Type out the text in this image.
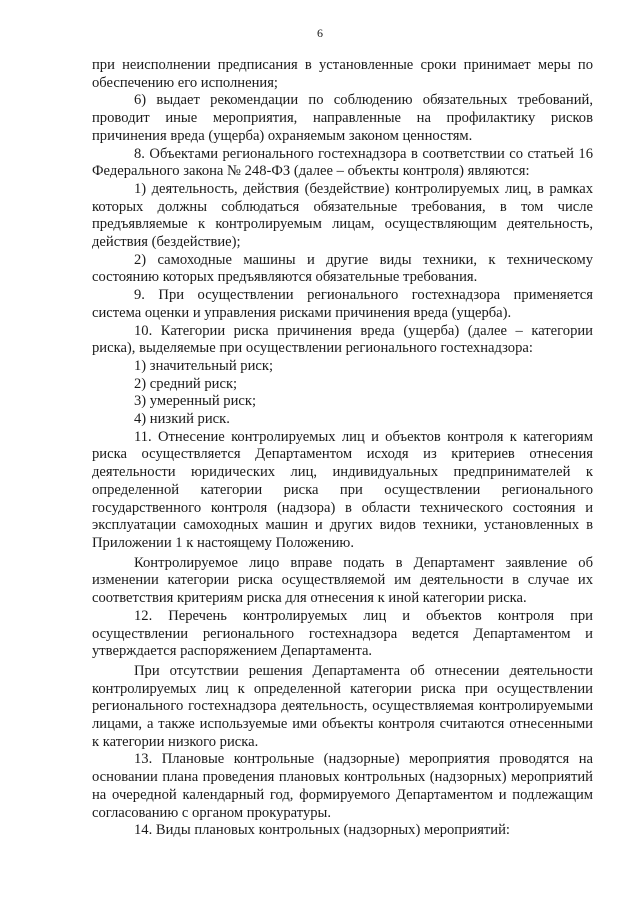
6

при неисполнении предписания в установленные сроки принимает меры по обеспечению его исполнения;

6) выдает рекомендации по соблюдению обязательных требований, проводит иные мероприятия, направленные на профилактику рисков причинения вреда (ущерба) охраняемым законом ценностям.

8. Объектами регионального гостехнадзора в соответствии со статьей 16 Федерального закона № 248-ФЗ (далее – объекты контроля) являются:

1) деятельность, действия (бездействие) контролируемых лиц, в рамках которых должны соблюдаться обязательные требования, в том числе предъявляемые к контролируемым лицам, осуществляющим деятельность, действия (бездействие);

2) самоходные машины и другие виды техники, к техническому состоянию которых предъявляются обязательные требования.

9. При осуществлении регионального гостехнадзора применяется система оценки и управления рисками причинения вреда (ущерба).

10. Категории риска причинения вреда (ущерба) (далее – категории риска), выделяемые при осуществлении регионального гостехнадзора:

1) значительный риск;

2) средний риск;

3) умеренный риск;

4) низкий риск.

11. Отнесение контролируемых лиц и объектов контроля к категориям риска осуществляется Департаментом исходя из критериев отнесения деятельности юридических лиц, индивидуальных предпринимателей к определенной категории риска при осуществлении регионального государственного контроля (надзора) в области технического состояния и эксплуатации самоходных машин и других видов техники, установленных в Приложении 1 к настоящему Положению.

Контролируемое лицо вправе подать в Департамент заявление об изменении категории риска осуществляемой им деятельности в случае их соответствия критериям риска для отнесения к иной категории риска.

12. Перечень контролируемых лиц и объектов контроля при осуществлении регионального гостехнадзора ведется Департаментом и утверждается распоряжением Департамента.

При отсутствии решения Департамента об отнесении деятельности контролируемых лиц к определенной категории риска при осуществлении регионального гостехнадзора деятельность, осуществляемая контролируемыми лицами, а также используемые ими объекты контроля считаются отнесенными к категории низкого риска.

13. Плановые контрольные (надзорные) мероприятия проводятся на основании плана проведения плановых контрольных (надзорных) мероприятий на очередной календарный год, формируемого Департаментом и подлежащим согласованию с органом прокуратуры.

14. Виды плановых контрольных (надзорных) мероприятий:
